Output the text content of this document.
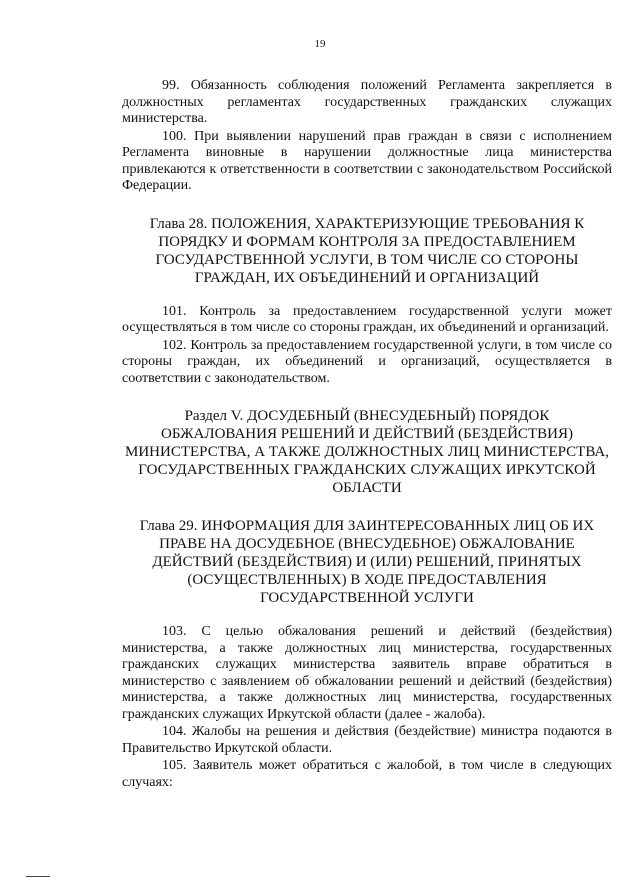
19

99. Обязанность соблюдения положений Регламента закрепляется в должностных регламентах государственных гражданских служащих министерства.

100. При выявлении нарушений прав граждан в связи с исполнением Регламента виновные в нарушении должностные лица министерства привлекаются к ответственности в соответствии с законодательством Российской Федерации.

Глава 28. ПОЛОЖЕНИЯ, ХАРАКТЕРИЗУЮЩИЕ ТРЕБОВАНИЯ К
ПОРЯДКУ И ФОРМАМ КОНТРОЛЯ ЗА ПРЕДОСТАВЛЕНИЕМ
ГОСУДАРСТВЕННОЙ УСЛУГИ, В ТОМ ЧИСЛЕ СО СТОРОНЫ
ГРАЖДАН, ИХ ОБЪЕДИНЕНИЙ И ОРГАНИЗАЦИЙ

101. Контроль за предоставлением государственной услуги может осуществляться в том числе со стороны граждан, их объединений и организаций.

102. Контроль за предоставлением государственной услуги, в том числе со стороны граждан, их объединений и организаций, осуществляется в соответствии с законодательством.

Раздел V. ДОСУДЕБНЫЙ (ВНЕСУДЕБНЫЙ) ПОРЯДОК
ОБЖАЛОВАНИЯ РЕШЕНИЙ И ДЕЙСТВИЙ (БЕЗДЕЙСТВИЯ)
МИНИСТЕРСТВА, А ТАКЖЕ ДОЛЖНОСТНЫХ ЛИЦ МИНИСТЕРСТВА,
ГОСУДАРСТВЕННЫХ ГРАЖДАНСКИХ СЛУЖАЩИХ ИРКУТСКОЙ
ОБЛАСТИ
Глава 29. ИНФОРМАЦИЯ ДЛЯ ЗАИНТЕРЕСОВАННЫХ ЛИЦ ОБ ИХ
ПРАВЕ НА ДОСУДЕБНОЕ (ВНЕСУДЕБНОЕ) ОБЖАЛОВАНИЕ
ДЕЙСТВИЙ (БЕЗДЕЙСТВИЯ) И (ИЛИ) РЕШЕНИЙ, ПРИНЯТЫХ
(ОСУЩЕСТВЛЕННЫХ) В ХОДЕ ПРЕДОСТАВЛЕНИЯ
ГОСУДАРСТВЕННОЙ УСЛУГИ

103. С целью обжалования решений и действий (бездействия) министерства, а также должностных лиц министерства, государственных гражданских служащих министерства заявитель вправе обратиться в министерство с заявлением об обжаловании решений и действий (бездействия) министерства, а также должностных лиц министерства, государственных гражданских служащих Иркутской области (далее - жалоба).

104. Жалобы на решения и действия (бездействие) министра подаются в Правительство Иркутской области.

105. Заявитель может обратиться с жалобой, в том числе в следующих случаях:
